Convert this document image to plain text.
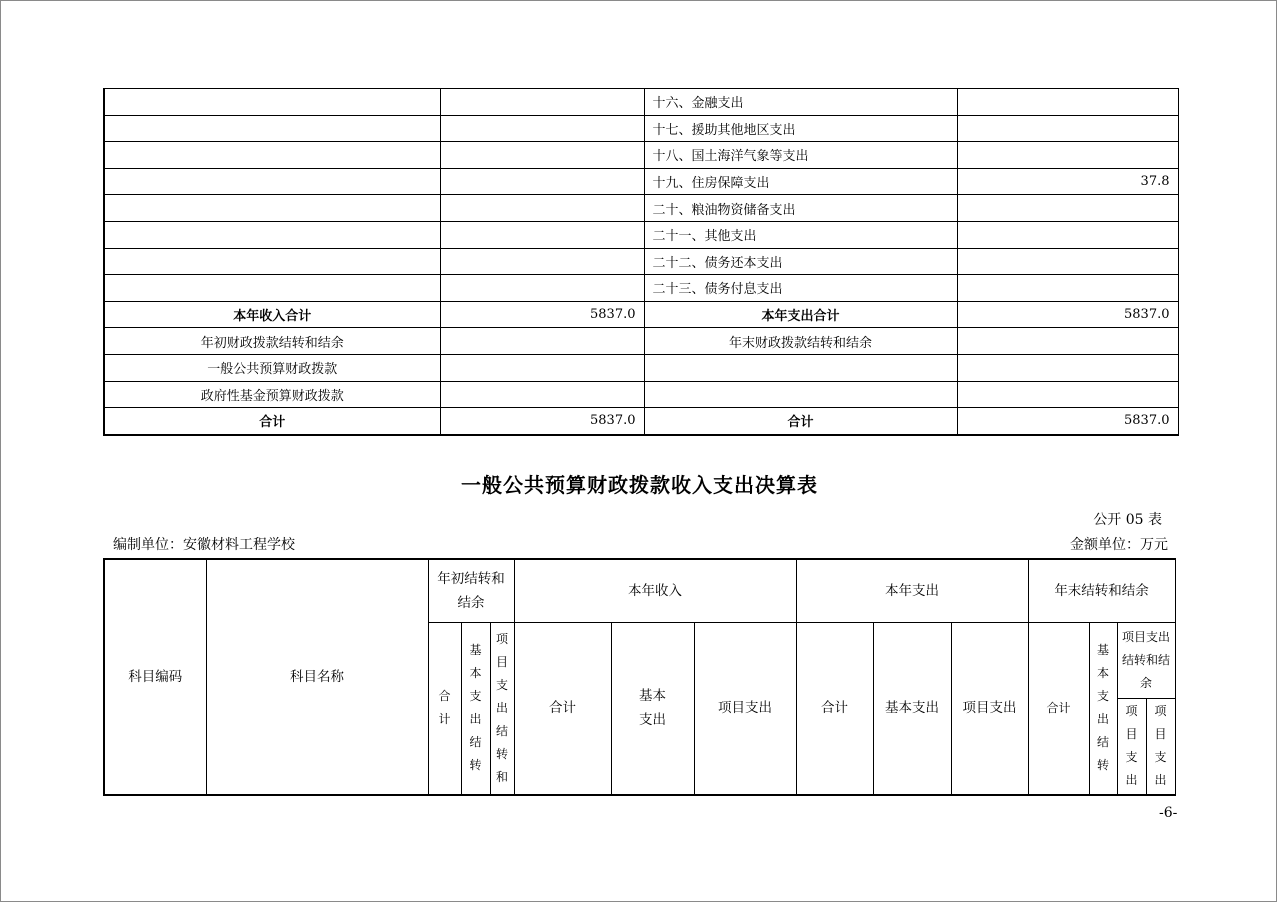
		十六、金融支出	
		十七、援助其他地区支出	
		十八、国土海洋气象等支出	
		十九、住房保障支出	37.8
		二十、粮油物资储备支出	
		二十一、其他支出	
		二十二、债务还本支出	
		二十三、债务付息支出	
本年收入合计	5837.0	本年支出合计	5837.0
年初财政拨款结转和结余		年末财政拨款结转和结余	
一般公共预算财政拨款			
政府性基金预算财政拨款			
合计	5837.0	合计	5837.0
一般公共预算财政拨款收入支出决算表
公开 05 表
编制单位：安徽材料工程学校	金额单位：万元
科目编码	科目名称	年初结转和结余			本年收入			本年支出			年末结转和结余				

		合计	基本支出结转	项目支出结转和	合计	基本支出	项目支出	合计	基本支出	项目支出	合计	基本支出结转	项目支出结转和结余		

													项目支出	项目支出	
-6-
